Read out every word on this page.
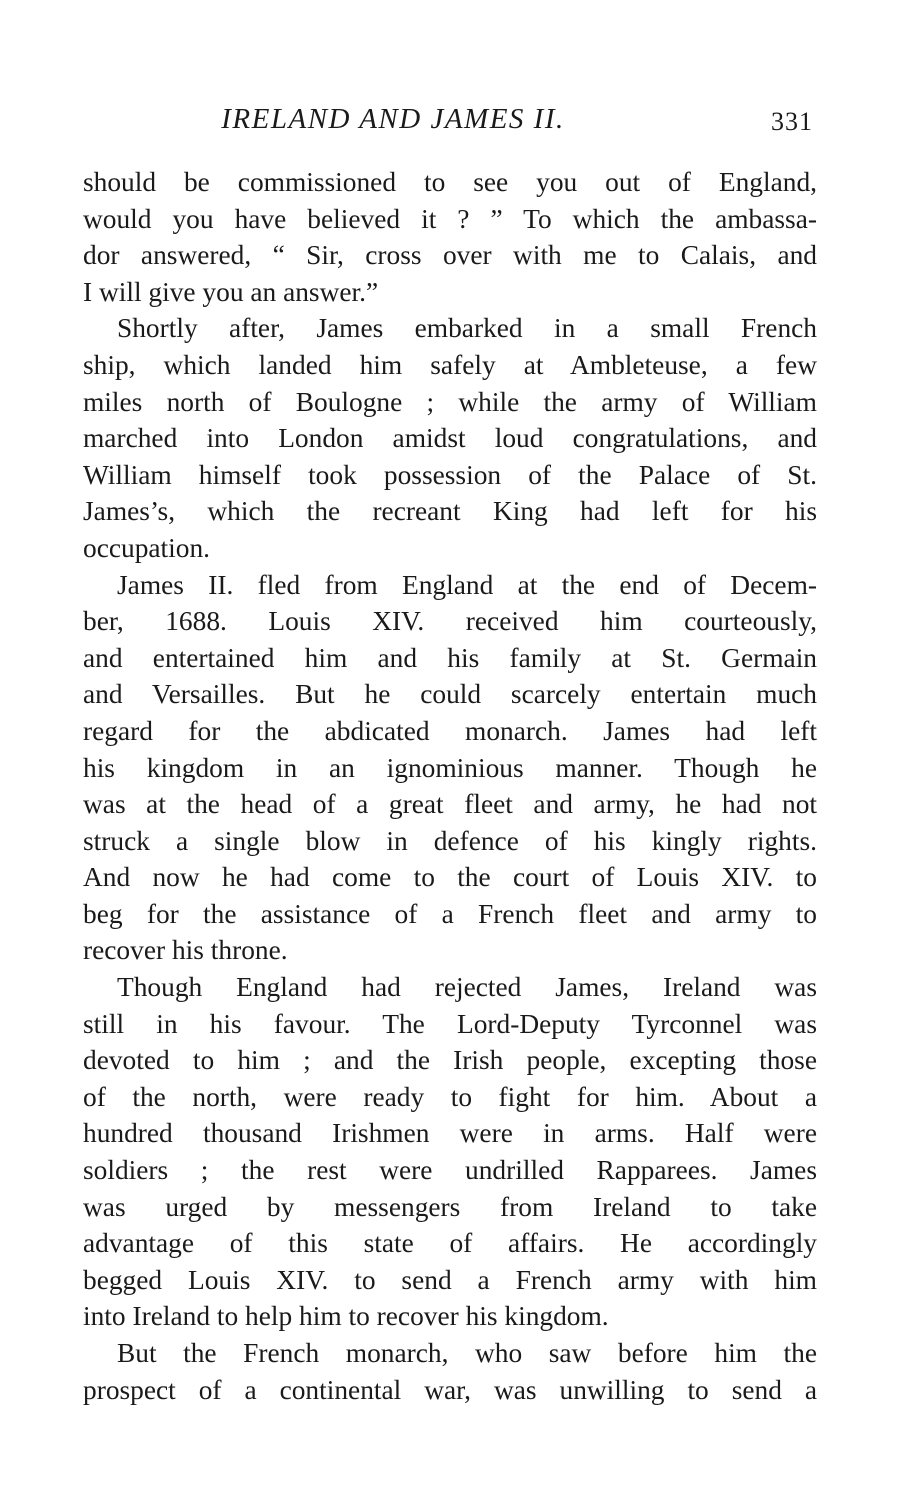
IRELAND AND JAMES II.	331

should be commissioned to see you out of England,
would you have believed it ? ” To which the ambassa-
dor answered, “ Sir, cross over with me to Calais, and
I will give you an answer.”

Shortly after, James embarked in a small French
ship, which landed him safely at Ambleteuse, a few
miles north of Boulogne ; while the army of William
marched into London amidst loud congratulations, and
William himself took possession of the Palace of St.
James’s, which the recreant King had left for his
occupation.

James II. fled from England at the end of Decem-
ber, 1688. Louis XIV. received him courteously,
and entertained him and his family at St. Germain
and Versailles. But he could scarcely entertain much
regard for the abdicated monarch. James had left
his kingdom in an ignominious manner. Though he
was at the head of a great fleet and army, he had not
struck a single blow in defence of his kingly rights.
And now he had come to the court of Louis XIV. to
beg for the assistance of a French fleet and army to
recover his throne.

Though England had rejected James, Ireland was
still in his favour. The Lord-Deputy Tyrconnel was
devoted to him ; and the Irish people, excepting those
of the north, were ready to fight for him. About a
hundred thousand Irishmen were in arms. Half were
soldiers ; the rest were undrilled Rapparees. James
was urged by messengers from Ireland to take
advantage of this state of affairs. He accordingly
begged Louis XIV. to send a French army with him
into Ireland to help him to recover his kingdom.

But the French monarch, who saw before him the
prospect of a continental war, was unwilling to send a
